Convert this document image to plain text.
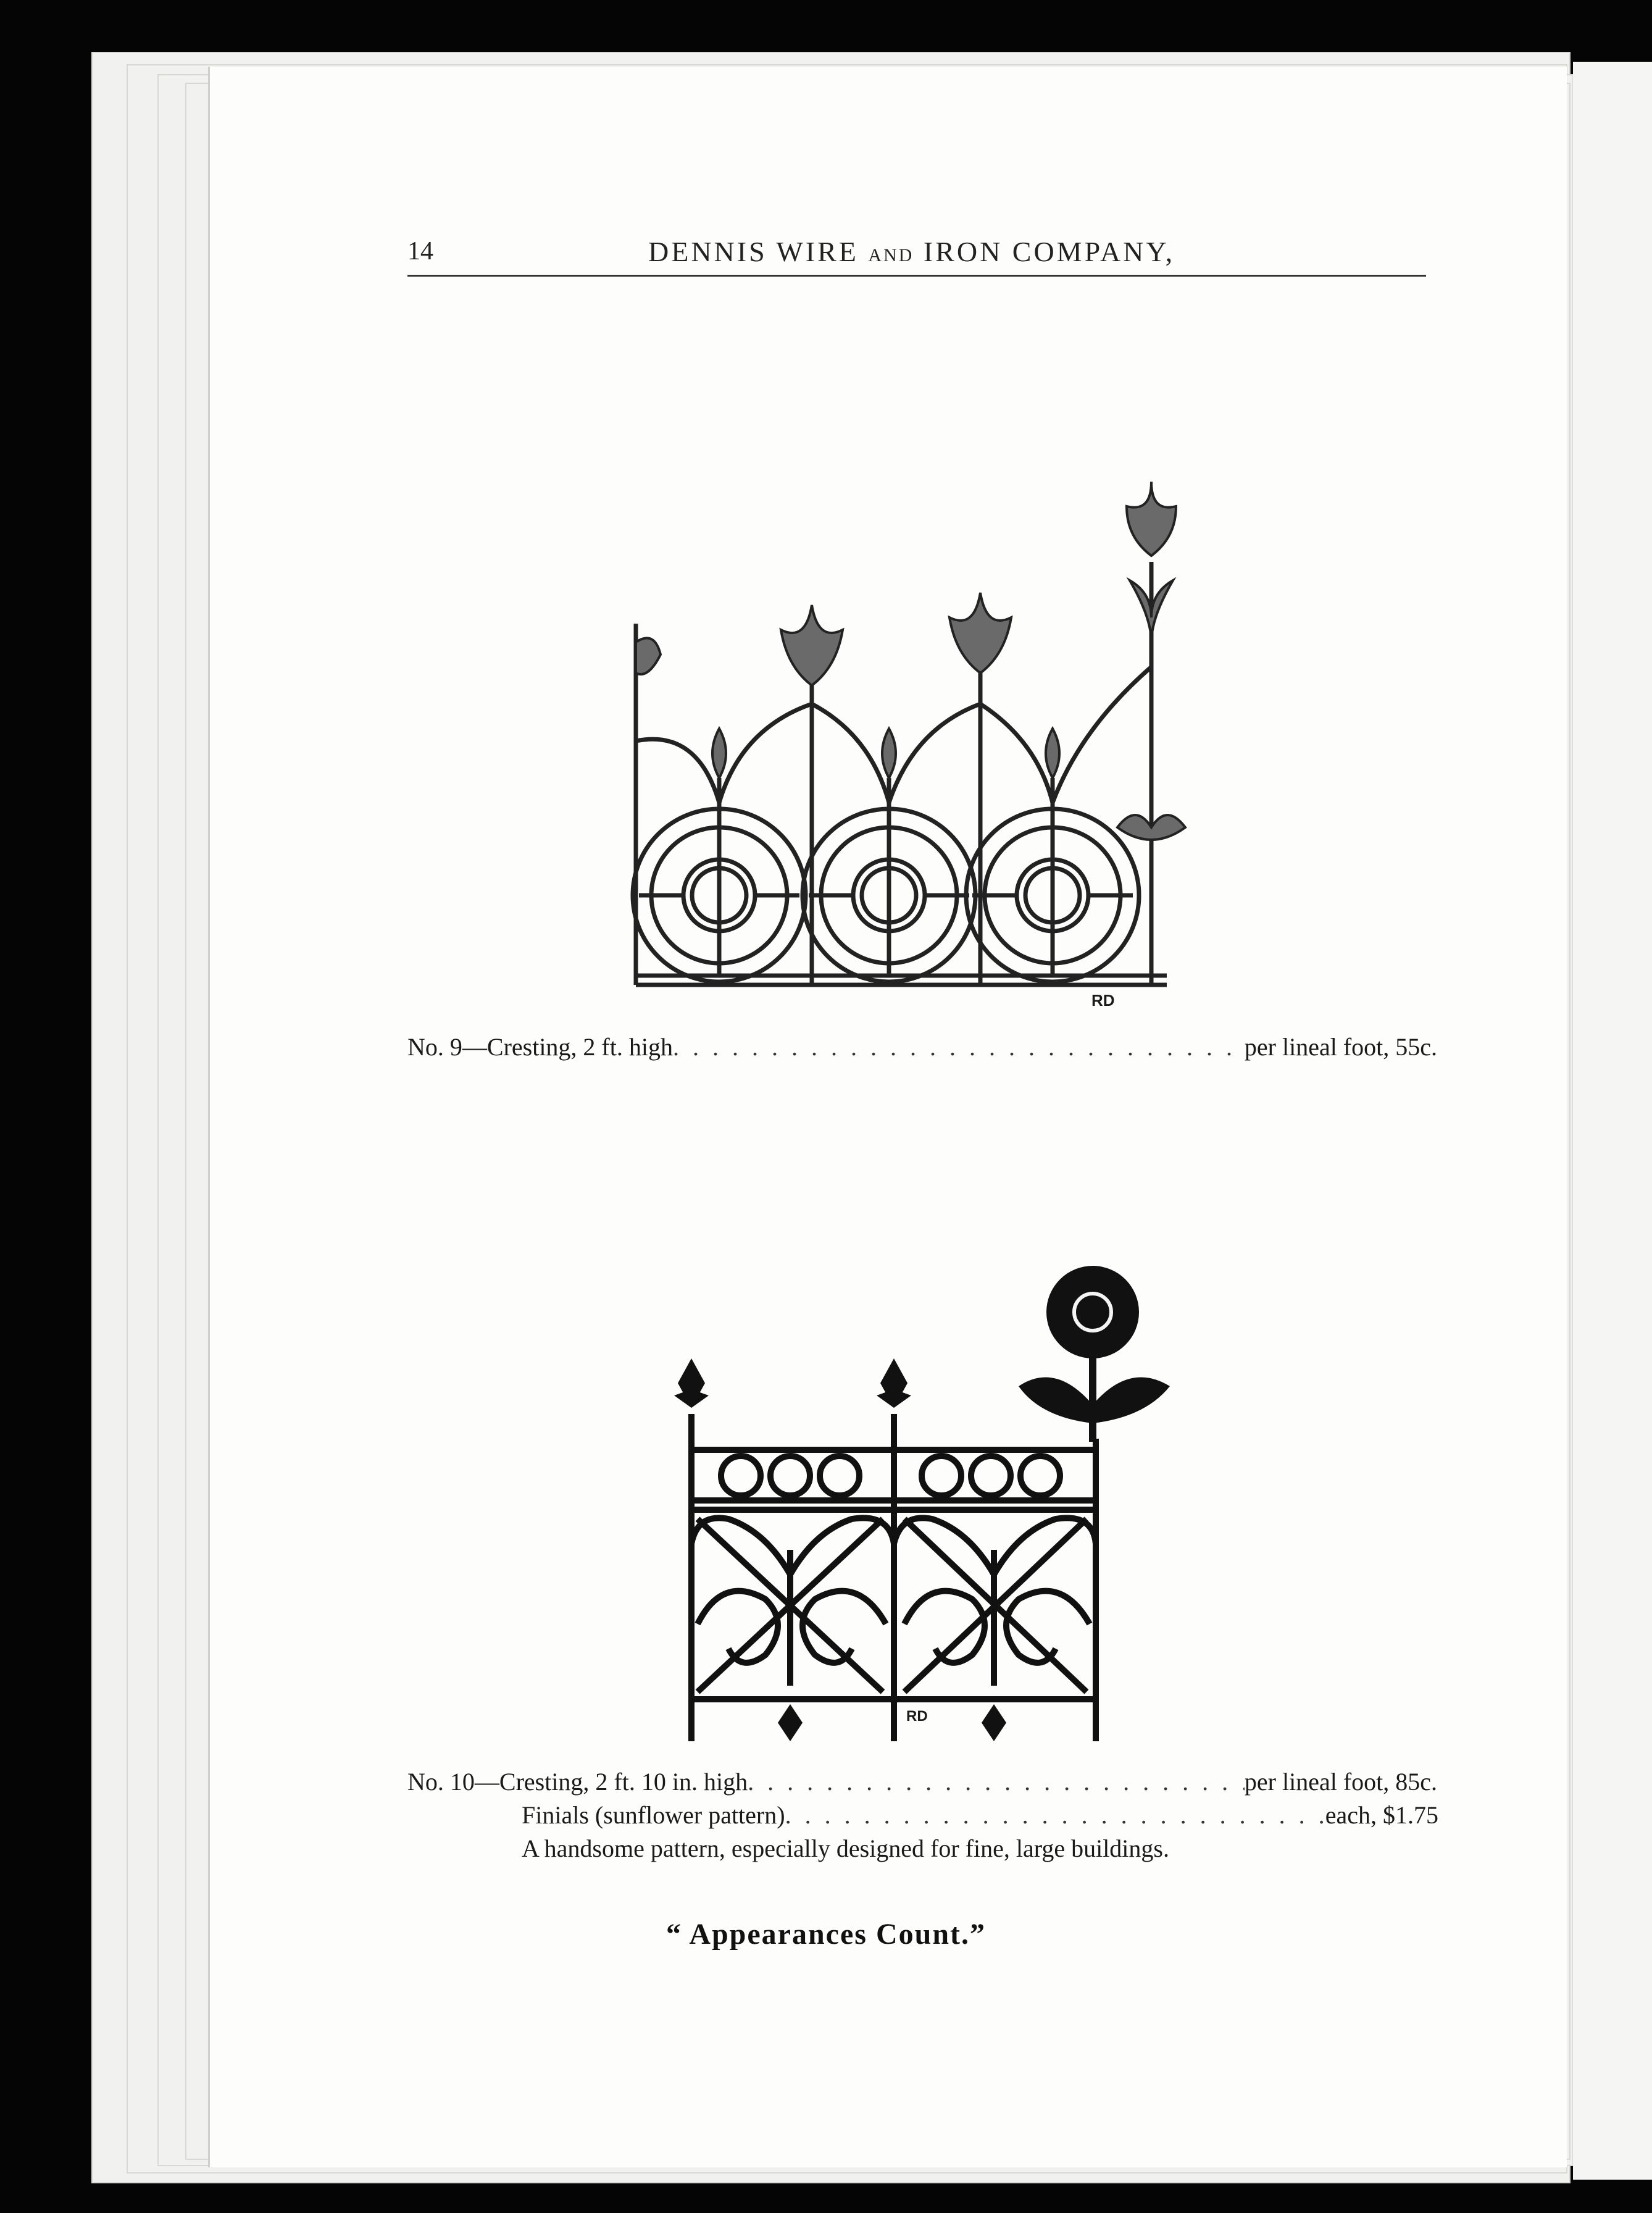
14	DENNIS WIRE AND IRON COMPANY,
RD
No. 9—Cresting, 2 ft. high . . .	per lineal foot, 55c.
RD
No. 10—Cresting, 2 ft. 10 in. high . . .	per lineal foot, 85c.
Finials (sunflower pattern) . . .	each, $1.75
A handsome pattern, especially designed for fine, large buildings.
“ Appearances Count.”
